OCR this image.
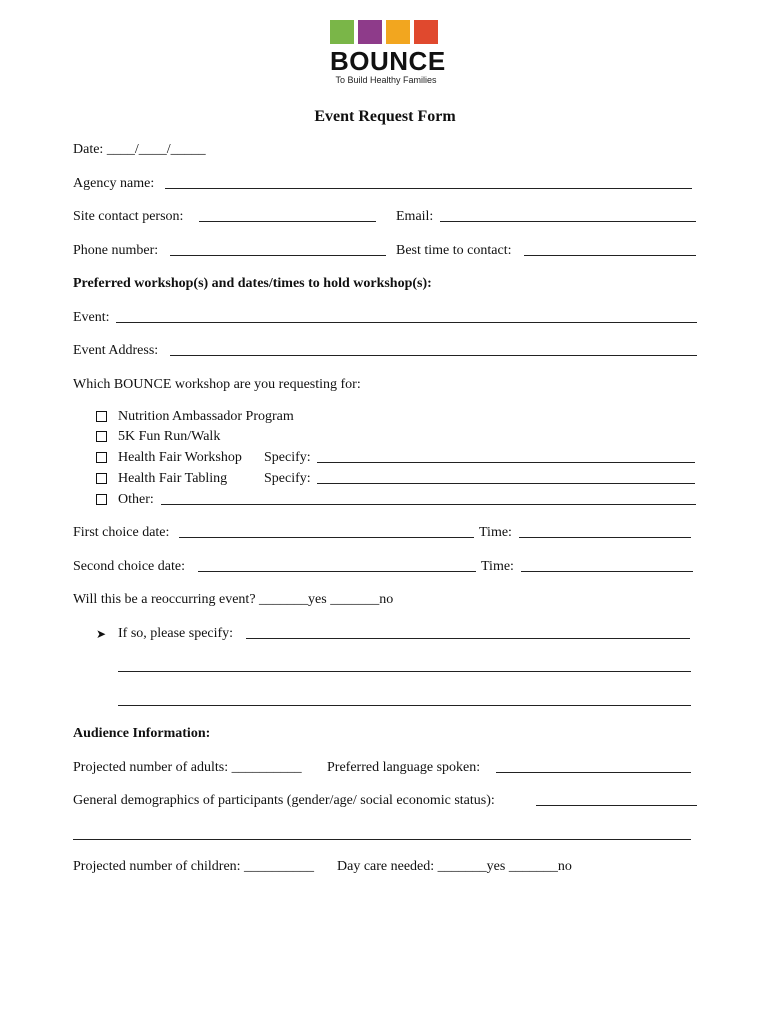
BOUNCE
To Build Healthy Families
Event Request Form
Date: ____/____/_____
Agency name:
Site contact person:	Email:
Phone number:	Best time to contact:
Preferred workshop(s) and dates/times to hold workshop(s):
Event:
Event Address:
Which BOUNCE workshop are you requesting for:
Nutrition Ambassador Program
5K Fun Run/Walk
Health Fair Workshop Specify:
Health Fair Tabling	Specify:
Other:
First choice date:	Time:
Second choice date:	Time:
Will this be a reoccurring event? _______yes _______no
➤ If so, please specify:
Audience Information:
Projected number of adults: __________ Preferred language spoken:
General demographics of participants (gender/age/ social economic status):
Projected number of children: __________ Day care needed: _______yes _______no
